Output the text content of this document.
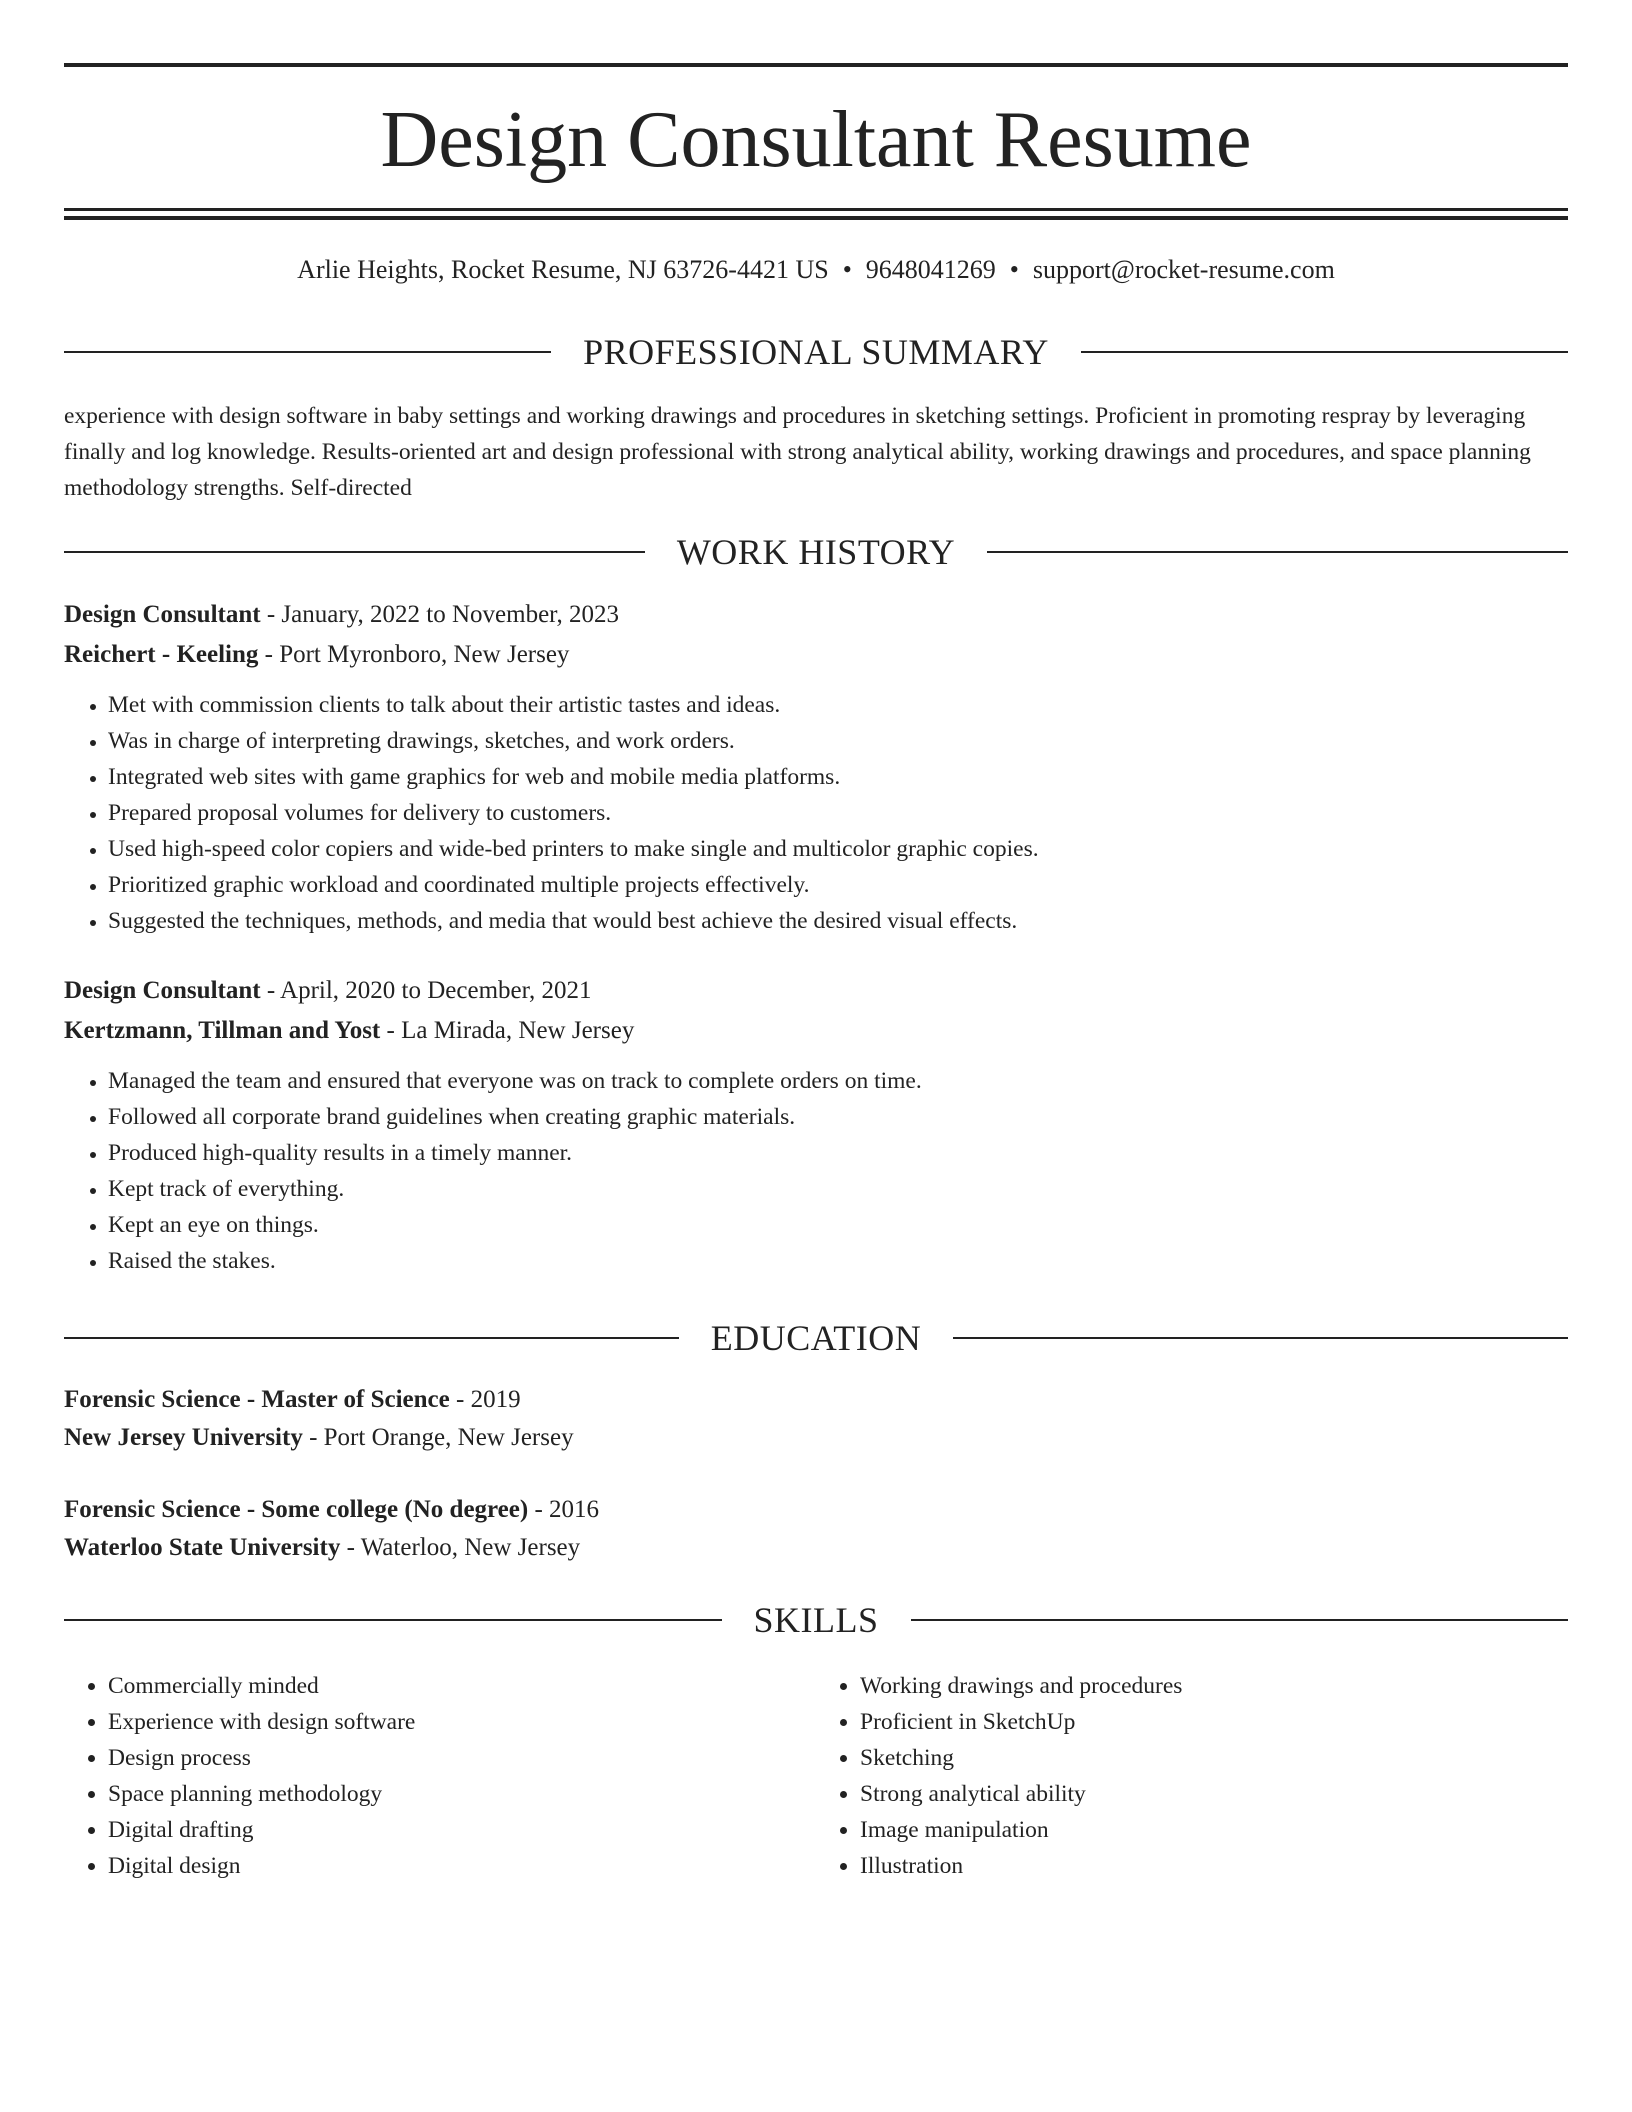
Design Consultant Resume
Arlie Heights, Rocket Resume, NJ 63726-4421 US • 9648041269 • support@rocket-resume.com
PROFESSIONAL SUMMARY

experience with design software in baby settings and working drawings and procedures in sketching settings. Proficient in promoting respray by leveraging finally and log knowledge. Results-oriented art and design professional with strong analytical ability, working drawings and procedures, and space planning methodology strengths. Self-directed

WORK HISTORY
Design Consultant - January, 2022 to November, 2023
Reichert - Keeling - Port Myronboro, New Jersey
• Met with commission clients to talk about their artistic tastes and ideas.
• Was in charge of interpreting drawings, sketches, and work orders.
• Integrated web sites with game graphics for web and mobile media platforms.
• Prepared proposal volumes for delivery to customers.
• Used high-speed color copiers and wide-bed printers to make single and multicolor graphic copies.
• Prioritized graphic workload and coordinated multiple projects effectively.
• Suggested the techniques, methods, and media that would best achieve the desired visual effects.
Design Consultant - April, 2020 to December, 2021
Kertzmann, Tillman and Yost - La Mirada, New Jersey
• Managed the team and ensured that everyone was on track to complete orders on time.
• Followed all corporate brand guidelines when creating graphic materials.
• Produced high-quality results in a timely manner.
• Kept track of everything.
• Kept an eye on things.
• Raised the stakes.
EDUCATION
Forensic Science - Master of Science - 2019
New Jersey University - Port Orange, New Jersey
Forensic Science - Some college (No degree) - 2016
Waterloo State University - Waterloo, New Jersey
SKILLS
• Commercially minded
• Experience with design software
• Design process
• Space planning methodology
• Digital drafting
• Digital design
• Working drawings and procedures
• Proficient in SketchUp
• Sketching
• Strong analytical ability
• Image manipulation
• Illustration
